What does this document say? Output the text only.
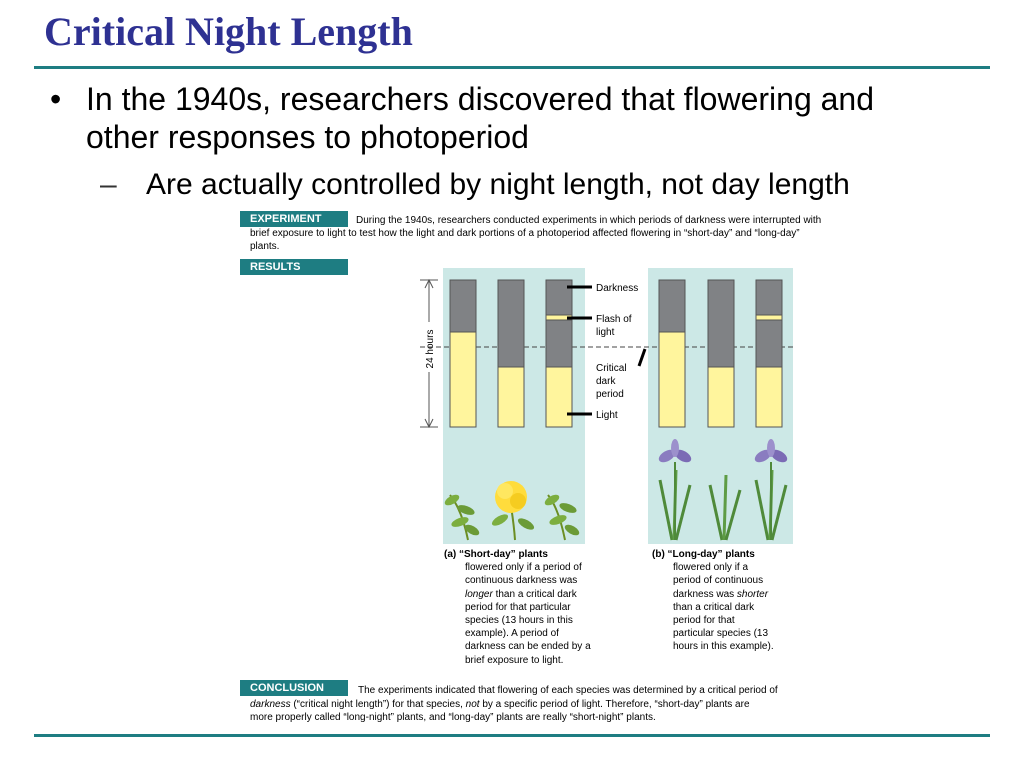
Critical Night Length
• In the 1940s, researchers discovered that flowering and other responses to photoperiod
– Are actually controlled by night length, not day length
EXPERIMENT	During the 1940s, researchers conducted experiments in which periods of darkness were interrupted with brief exposure to light to test how the light and dark portions of a photoperiod affected flowering in “short-day” and “long-day” plants.
RESULTS
24 hours
Darkness
Flash of light
Critical dark period
Light
(a) “Short-day” plants
flowered only if a period of
continuous darkness was
longer than a critical dark
period for that particular
species (13 hours in this
example). A period of
darkness can be ended by a
brief exposure to light.
(b) “Long-day” plants
flowered only if a
period of continuous
darkness was shorter
than a critical dark
period for that
particular species (13
hours in this example).
CONCLUSION	The experiments indicated that flowering of each species was determined by a critical period of
darkness (“critical night length”) for that species, not by a specific period of light. Therefore, “short-day” plants are
more properly called “long-night” plants, and “long-day” plants are really “short-night” plants.
